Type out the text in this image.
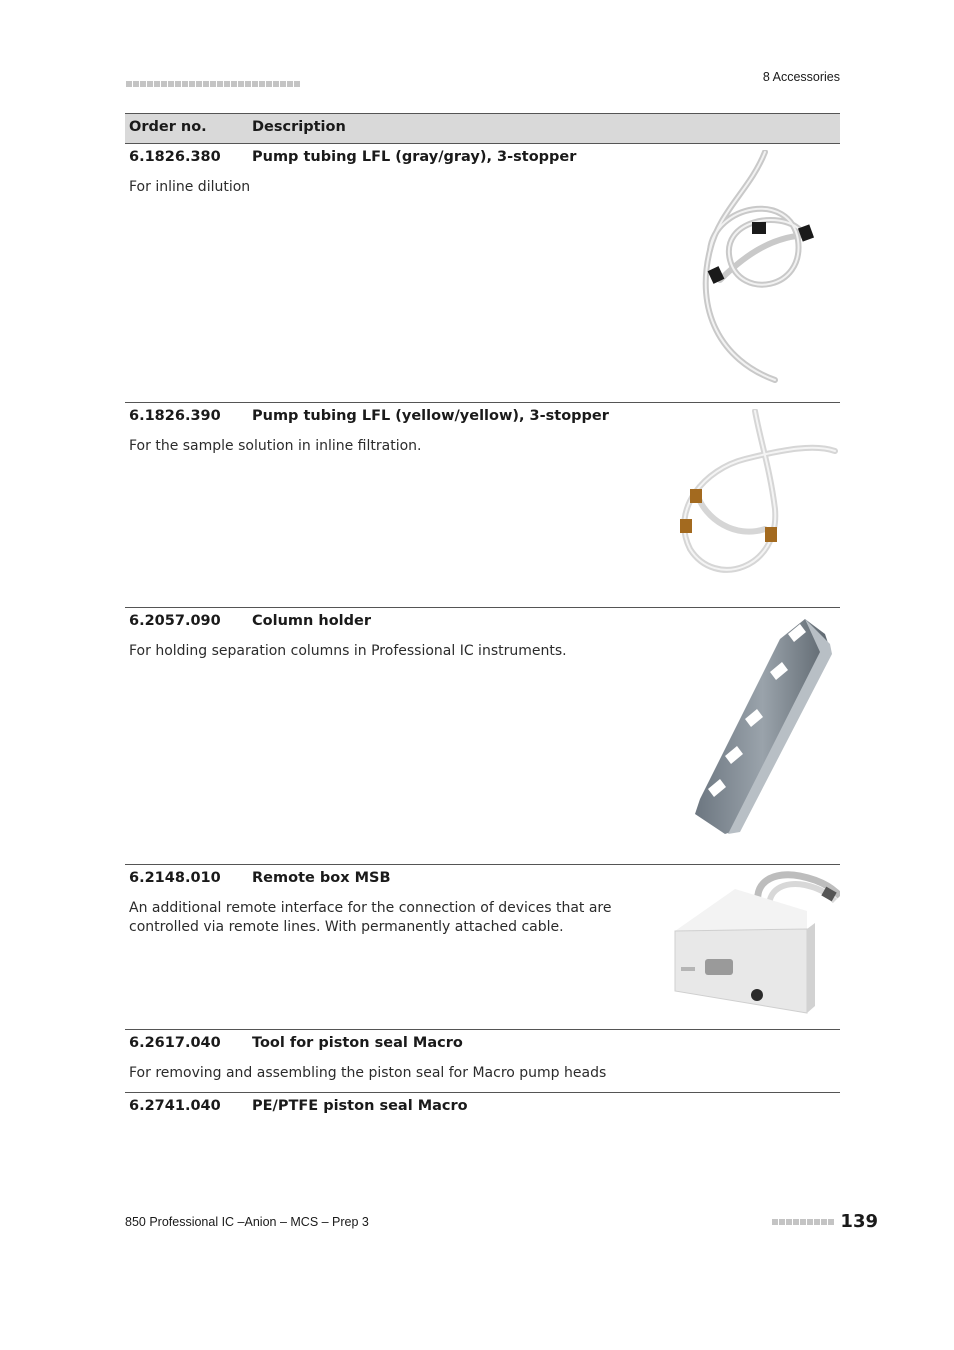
8 Accessories
Order no.	Description
6.1826.380 Pump tubing LFL (gray/gray), 3-stopper
For inline dilution
6.1826.390 Pump tubing LFL (yellow/yellow), 3-stopper
For the sample solution in inline filtration.
6.2057.090 Column holder
For holding separation columns in Professional IC instruments.
6.2148.010 Remote box MSB
An additional remote interface for the connection of devices that are controlled via remote lines. With permanently attached cable.
6.2617.040 Tool for piston seal Macro
For removing and assembling the piston seal for Macro pump heads
6.2741.040 PE/PTFE piston seal Macro
850 Professional IC –Anion – MCS – Prep 3	139
